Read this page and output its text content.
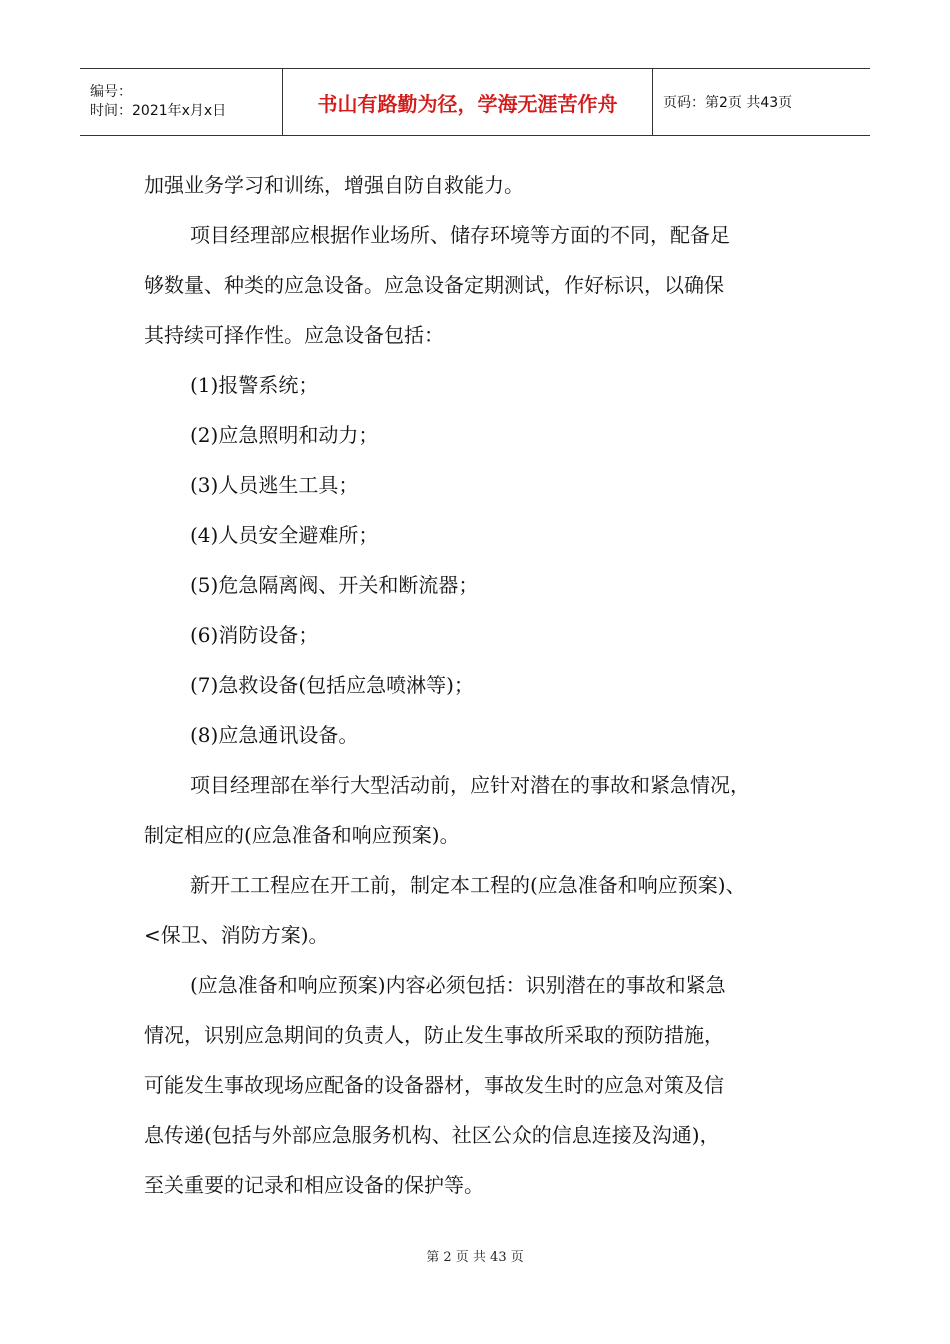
编号：
时间：2021年x月x日	书山有路勤为径，学海无涯苦作舟	页码：第2页 共43页

加强业务学习和训练，增强自防自救能力。

项目经理部应根据作业场所、储存环境等方面的不同，配备足

够数量、种类的应急设备。应急设备定期测试，作好标识，以确保

其持续可择作性。应急设备包括：

(1)报警系统；

(2)应急照明和动力；

(3)人员逃生工具；

(4)人员安全避难所；

(5)危急隔离阀、开关和断流器；

(6)消防设备；

(7)急救设备(包括应急喷淋等)；

(8)应急通讯设备。

项目经理部在举行大型活动前，应针对潜在的事故和紧急情况，

制定相应的(应急准备和响应预案)。

新开工工程应在开工前，制定本工程的(应急准备和响应预案)、

<保卫、消防方案)。

(应急准备和响应预案)内容必须包括：识别潜在的事故和紧急

情况，识别应急期间的负责人，防止发生事故所采取的预防措施，

可能发生事故现场应配备的设备器材，事故发生时的应急对策及信

息传递(包括与外部应急服务机构、社区公众的信息连接及沟通)，

至关重要的记录和相应设备的保护等。

第 2 页 共 43 页
